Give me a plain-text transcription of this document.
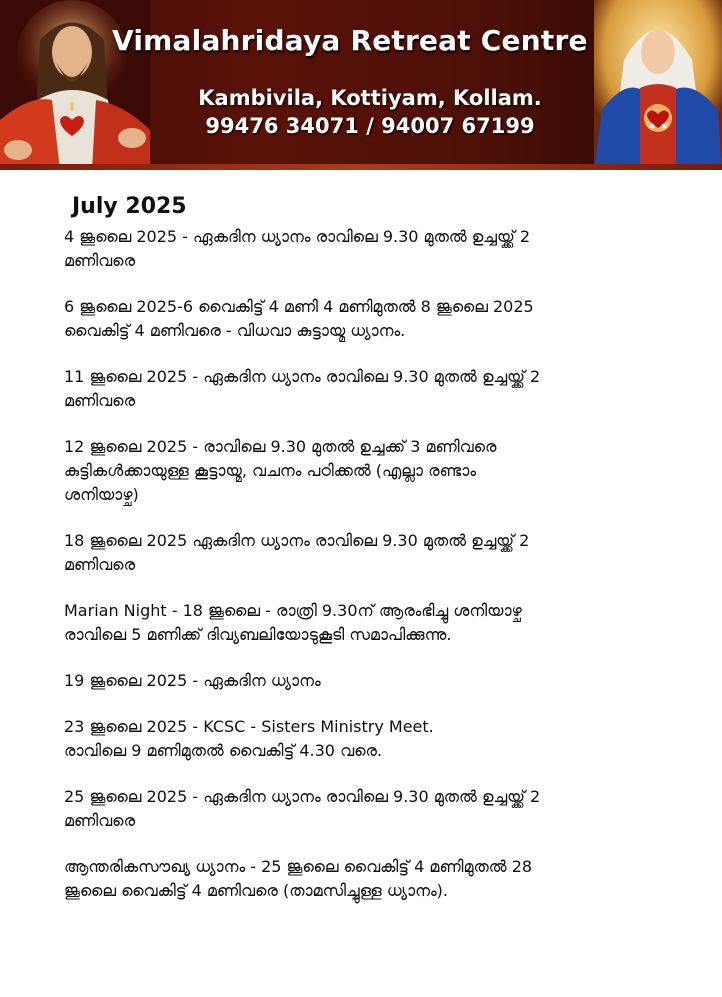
Vimalahridaya Retreat Centre
Kambivila, Kottiyam, Kollam.
99476 34071 / 94007 67199
July 2025
4 ജൂലൈ 2025 - ഏകദിന ധ്യാനം രാവിലെ 9.30 മുതൽ ഉച്ചയ്ക്ക് 2
മണിവരെ
6 ജൂലൈ 2025-6 വൈകിട്ട് 4 മണി 4 മണിമുതൽ 8 ജൂലൈ 2025
വൈകിട്ട് 4 മണിവരെ - വിധവാ കുട്ടായ്മ ധ്യാനം.
11 ജൂലൈ 2025 - ഏകദിന ധ്യാനം രാവിലെ 9.30 മുതൽ ഉച്ചയ്ക്ക് 2
മണിവരെ
12 ജൂലൈ 2025 - രാവിലെ 9.30 മുതൽ ഉച്ചക്ക് 3 മണിവരെ
കുട്ടികൾക്കായുള്ള കൂട്ടായ്മ, വചനം പഠിക്കൽ (എല്ലാ രണ്ടാം
ശനിയാഴ്ച)
18 ജൂലൈ 2025 ഏകദിന ധ്യാനം രാവിലെ 9.30 മുതൽ ഉച്ചയ്ക്ക് 2
മണിവരെ
Marian Night - 18 ജൂലൈ - രാത്രി 9.30ന് ആരംഭിച്ചു ശനിയാഴ്ച
രാവിലെ 5 മണിക്ക് ദിവ്യബലിയോടുകൂടി സമാപിക്കുന്നു.
19 ജൂലൈ 2025 - ഏകദിന ധ്യാനം
23 ജൂലൈ 2025 - KCSC - Sisters Ministry Meet.
രാവിലെ 9 മണിമുതൽ വൈകിട്ട് 4.30 വരെ.
25 ജൂലൈ 2025 - ഏകദിന ധ്യാനം രാവിലെ 9.30 മുതൽ ഉച്ചയ്ക്ക് 2
മണിവരെ
ആന്തരികസൗഖ്യ ധ്യാനം - 25 ജൂലൈ വൈകിട്ട് 4 മണിമുതൽ 28
ജൂലൈ വൈകിട്ട് 4 മണിവരെ (താമസിച്ചുള്ള ധ്യാനം).
